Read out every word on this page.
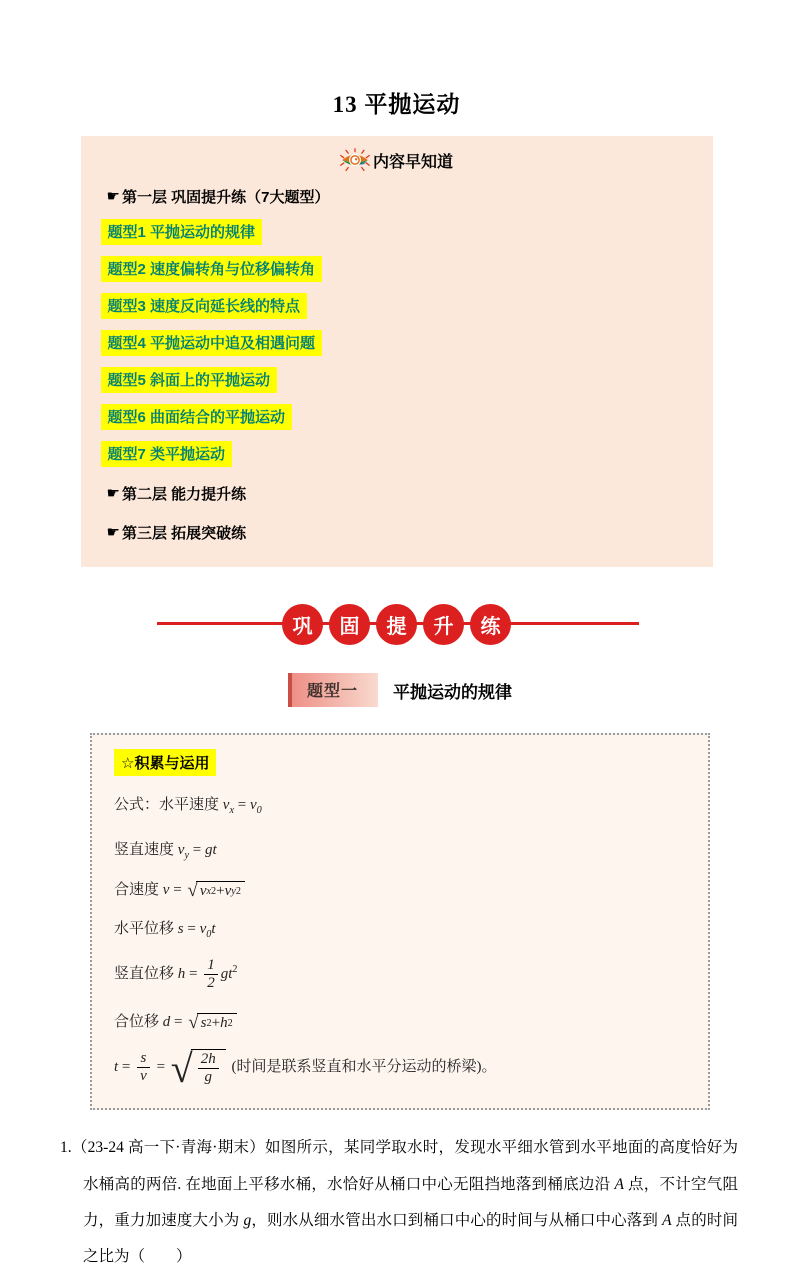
13 平抛运动
内容早知道
☛ 第一层 巩固提升练（7大题型）
题型1 平抛运动的规律
题型2 速度偏转角与位移偏转角
题型3 速度反向延长线的特点
题型4 平抛运动中追及相遇问题
题型5 斜面上的平抛运动
题型6 曲面结合的平抛运动
题型7 类平抛运动
☛ 第二层 能力提升练
☛ 第三层 拓展突破练
巩	固	提	升	练
题型一	平抛运动的规律
☆积累与运用
公式：水平速度 $v_x = v_0$
竖直速度 $v_y$ = gt
合速度 v = √ v x 2 + v y 2
水平位移 $s = v_0t$
竖直位移 $h = \frac{1}{2} gt^2$
合位移 d = √ s 2 + h 2
$t = \frac{s}{v}$ = √ $\frac{2h}{g}$ (时间是联系竖直和水平分运动的桥梁)。
1.（23-24 高一下·青海·期末）如图所示，某同学取水时，发现水平细水管到水平地面的高度恰好为水桶高的两倍. 在地面上平移水桶，水恰好从桶口中心无阻挡地落到桶底边沿 A 点，不计空气阻力，重力加速度大小为 g，则水从细水管出水口到桶口中心的时间与从桶口中心落到 A 点的时间之比为（　　）
